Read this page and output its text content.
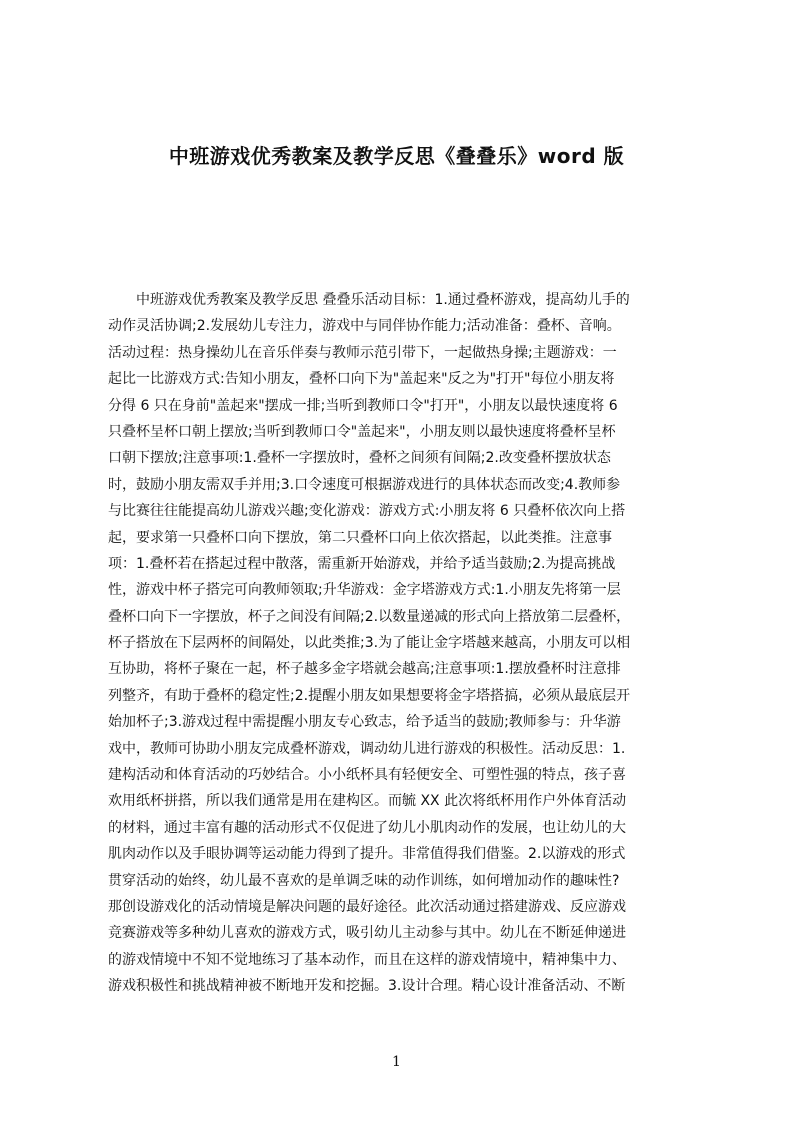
中班游戏优秀教案及教学反思《叠叠乐》word 版
　　中班游戏优秀教案及教学反思 叠叠乐活动目标：1.通过叠杯游戏，提高幼儿手的
动作灵活协调;2.发展幼儿专注力，游戏中与同伴协作能力;活动准备：叠杯、音响。
活动过程：热身操幼儿在音乐伴奏与教师示范引带下，一起做热身操;主题游戏：一
起比一比游戏方式:告知小朋友，叠杯口向下为"盖起来"反之为"打开"每位小朋友将
分得 6 只在身前"盖起来"摆成一排;当听到教师口令"打开"，小朋友以最快速度将 6
只叠杯呈杯口朝上摆放;当听到教师口令"盖起来"，小朋友则以最快速度将叠杯呈杯
口朝下摆放;注意事项:1.叠杯一字摆放时，叠杯之间须有间隔;2.改变叠杯摆放状态
时，鼓励小朋友需双手并用;3.口令速度可根据游戏进行的具体状态而改变;4.教师参
与比赛往往能提高幼儿游戏兴趣;变化游戏：游戏方式:小朋友将 6 只叠杯依次向上搭
起，要求第一只叠杯口向下摆放，第二只叠杯口向上依次搭起，以此类推。注意事
项：1.叠杯若在搭起过程中散落，需重新开始游戏，并给予适当鼓励;2.为提高挑战
性，游戏中杯子搭完可向教师领取;升华游戏：金字塔游戏方式:1.小朋友先将第一层
叠杯口向下一字摆放，杯子之间没有间隔;2.以数量递减的形式向上搭放第二层叠杯，
杯子搭放在下层两杯的间隔处，以此类推;3.为了能让金字塔越来越高，小朋友可以相
互协助，将杯子聚在一起，杯子越多金字塔就会越高;注意事项:1.摆放叠杯时注意排
列整齐，有助于叠杯的稳定性;2.提醒小朋友如果想要将金字塔搭搞，必须从最底层开
始加杯子;3.游戏过程中需提醒小朋友专心致志，给予适当的鼓励;教师参与：升华游
戏中，教师可协助小朋友完成叠杯游戏，调动幼儿进行游戏的积极性。活动反思：1.
建构活动和体育活动的巧妙结合。小小纸杯具有轻便安全、可塑性强的特点，孩子喜
欢用纸杯拼搭，所以我们通常是用在建构区。而毓 XX 此次将纸杯用作户外体育活动
的材料，通过丰富有趣的活动形式不仅促进了幼儿小肌肉动作的发展，也让幼儿的大
肌肉动作以及手眼协调等运动能力得到了提升。非常值得我们借鉴。2.以游戏的形式
贯穿活动的始终，幼儿最不喜欢的是单调乏味的动作训练，如何增加动作的趣味性?
那创设游戏化的活动情境是解决问题的最好途径。此次活动通过搭建游戏、反应游戏
竞赛游戏等多种幼儿喜欢的游戏方式，吸引幼儿主动参与其中。幼儿在不断延伸递进
的游戏情境中不知不觉地练习了基本动作，而且在这样的游戏情境中，精神集中力、
游戏积极性和挑战精神被不断地开发和挖掘。3.设计合理。精心设计准备活动、不断
1
